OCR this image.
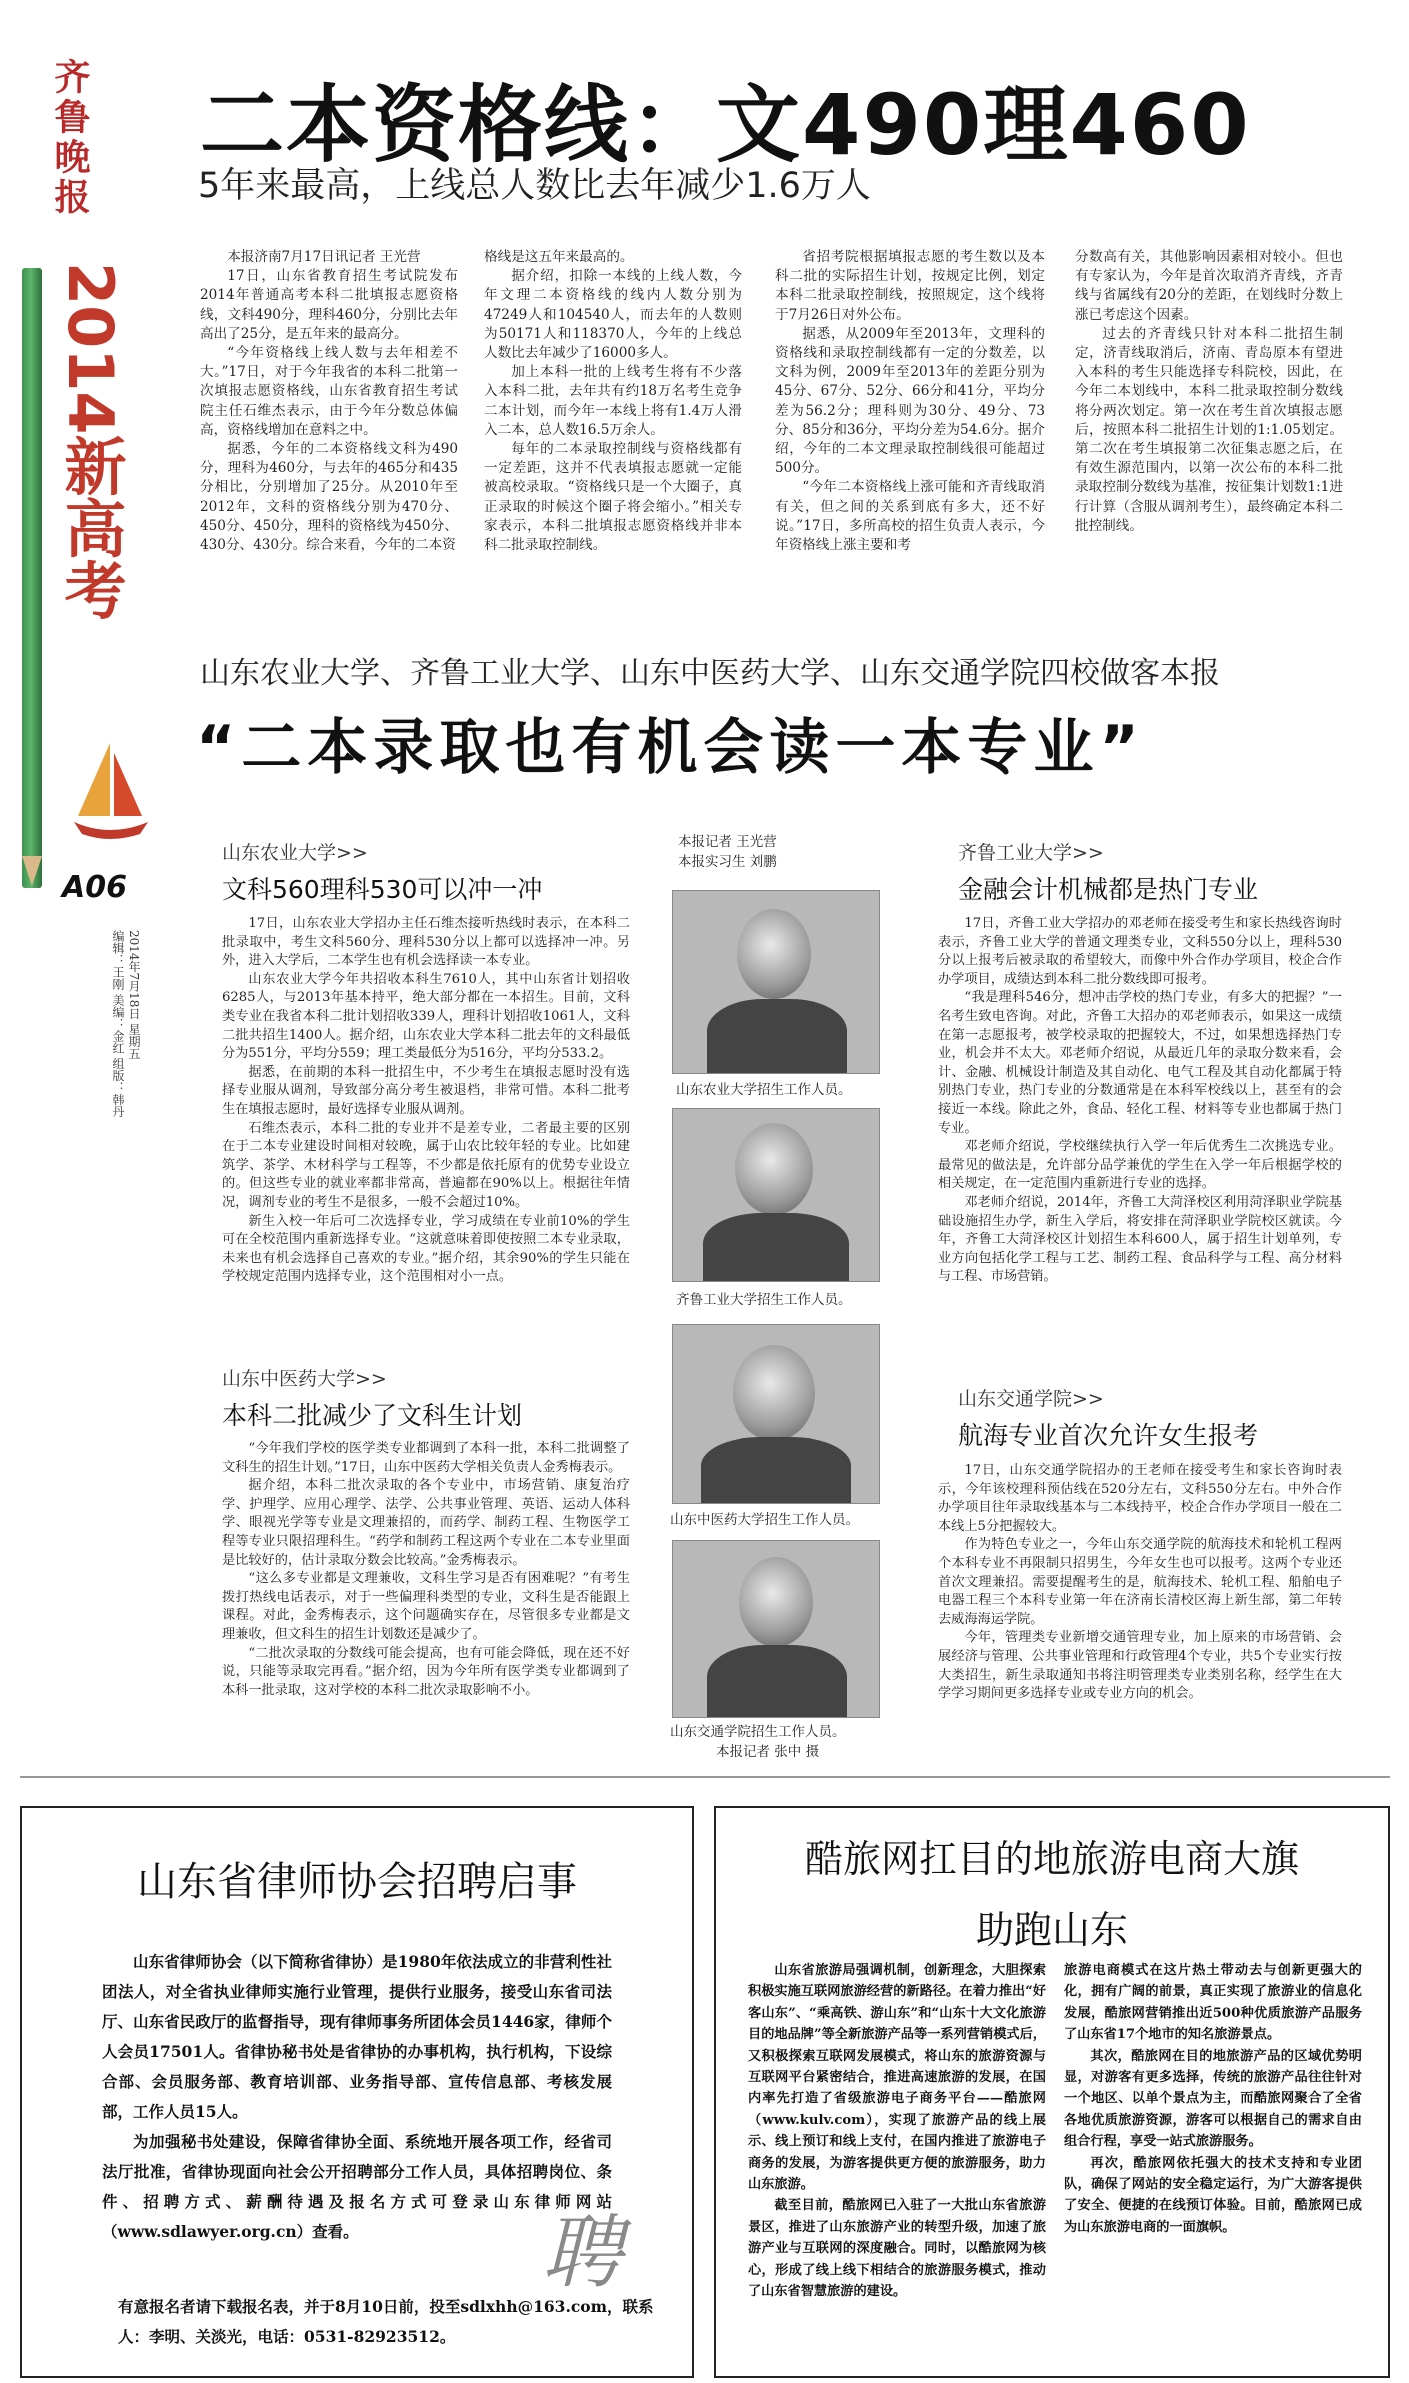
齐鲁晚报
2014新高考
A06
2014年7月18日 星期五
编辑：王刚 美编：金红 组版：韩丹
二本资格线：文490理460
5年来最高，上线总人数比去年减少1.6万人

本报济南7月17日讯记者 王光营

17日，山东省教育招生考试院发布2014年普通高考本科二批填报志愿资格线，文科490分，理科460分，分别比去年高出了25分，是五年来的最高分。

“今年资格线上线人数与去年相差不大。”17日，对于今年我省的本科二批第一次填报志愿资格线，山东省教育招生考试院主任石维杰表示，由于今年分数总体偏高，资格线增加在意料之中。

据悉，今年的二本资格线文科为490分，理科为460分，与去年的465分和435分相比，分别增加了25分。从2010年至2012年，文科的资格线分别为470分、450分、450分，理科的资格线为450分、430分、430分。综合来看，今年的二本资

格线是这五年来最高的。

据介绍，扣除一本线的上线人数，今年文理二本资格线的线内人数分别为47249人和104540人，而去年的人数则为50171人和118370人，今年的上线总人数比去年减少了16000多人。

加上本科一批的上线考生将有不少落入本科二批，去年共有约18万名考生竞争二本计划，而今年一本线上将有1.4万人滑入二本，总人数16.5万余人。

每年的二本录取控制线与资格线都有一定差距，这并不代表填报志愿就一定能被高校录取。“资格线只是一个大圈子，真正录取的时候这个圈子将会缩小。”相关专家表示，本科二批填报志愿资格线并非本科二批录取控制线。

省招考院根据填报志愿的考生数以及本科二批的实际招生计划，按规定比例，划定本科二批录取控制线，按照规定，这个线将于7月26日对外公布。

据悉，从2009年至2013年，文理科的资格线和录取控制线都有一定的分数差，以文科为例，2009年至2013年的差距分别为45分、67分、52分、66分和41分，平均分差为56.2分；理科则为30分、49分、73分、85分和36分，平均分差为54.6分。据介绍，今年的二本文理录取控制线很可能超过500分。

“今年二本资格线上涨可能和齐青线取消有关，但之间的关系到底有多大，还不好说。”17日，多所高校的招生负责人表示，今年资格线上涨主要和考

分数高有关，其他影响因素相对较小。但也有专家认为，今年是首次取消齐青线，齐青线与省属线有20分的差距，在划线时分数上涨已考虑这个因素。

过去的齐青线只针对本科二批招生制定，济青线取消后，济南、青岛原本有望进入本科的考生只能选择专科院校，因此，在今年二本划线中，本科二批录取控制分数线将分两次划定。第一次在考生首次填报志愿后，按照本科二批招生计划的1:1.05划定。第二次在考生填报第二次征集志愿之后，在有效生源范围内，以第一次公布的本科二批录取控制分数线为基准，按征集计划数1:1进行计算（含服从调剂考生），最终确定本科二批控制线。

山东农业大学、齐鲁工业大学、山东中医药大学、山东交通学院四校做客本报
“二本录取也有机会读一本专业”
山东农业大学>>
文科560理科530可以冲一冲

17日，山东农业大学招办主任石维杰接听热线时表示，在本科二批录取中，考生文科560分、理科530分以上都可以选择冲一冲。另外，进入大学后，二本学生也有机会选择读一本专业。

山东农业大学今年共招收本科生7610人，其中山东省计划招收6285人，与2013年基本持平，绝大部分都在一本招生。目前，文科类专业在我省本科二批计划招收339人，理科计划招收1061人，文科二批共招生1400人。据介绍，山东农业大学本科二批去年的文科最低分为551分，平均分559；理工类最低分为516分，平均分533.2。

据悉，在前期的本科一批招生中，不少考生在填报志愿时没有选择专业服从调剂，导致部分高分考生被退档，非常可惜。本科二批考生在填报志愿时，最好选择专业服从调剂。

石维杰表示，本科二批的专业并不是差专业，二者最主要的区别在于二本专业建设时间相对较晚，属于山农比较年轻的专业。比如建筑学、茶学、木材科学与工程等，不少都是依托原有的优势专业设立的。但这些专业的就业率都非常高，普遍都在90%以上。根据往年情况，调剂专业的考生不是很多，一般不会超过10%。

新生入校一年后可二次选择专业，学习成绩在专业前10%的学生可在全校范围内重新选择专业。“这就意味着即使按照二本专业录取，未来也有机会选择自己喜欢的专业。”据介绍，其余90%的学生只能在学校规定范围内选择专业，这个范围相对小一点。

山东中医药大学>>
本科二批减少了文科生计划

“今年我们学校的医学类专业都调到了本科一批，本科二批调整了文科生的招生计划。”17日，山东中医药大学相关负责人金秀梅表示。

据介绍，本科二批次录取的各个专业中，市场营销、康复治疗学、护理学、应用心理学、法学、公共事业管理、英语、运动人体科学、眼视光学等专业是文理兼招的，而药学、制药工程、生物医学工程等专业只限招理科生。“药学和制药工程这两个专业在二本专业里面是比较好的，估计录取分数会比较高。”金秀梅表示。

“这么多专业都是文理兼收，文科生学习是否有困难呢？”有考生拨打热线电话表示，对于一些偏理科类型的专业，文科生是否能跟上课程。对此，金秀梅表示，这个问题确实存在，尽管很多专业都是文理兼收，但文科生的招生计划数还是减少了。

“二批次录取的分数线可能会提高，也有可能会降低，现在还不好说，只能等录取完再看。”据介绍，因为今年所有医学类专业都调到了本科一批录取，这对学校的本科二批次录取影响不小。

本报记者 王光营
本报实习生 刘鹏
山东农业大学招生工作人员。
齐鲁工业大学招生工作人员。
山东中医药大学招生工作人员。
山东交通学院招生工作人员。
本报记者 张中 摄
齐鲁工业大学>>
金融会计机械都是热门专业

17日，齐鲁工业大学招办的邓老师在接受考生和家长热线咨询时表示，齐鲁工业大学的普通文理类专业，文科550分以上，理科530分以上报考后被录取的希望较大，而像中外合作办学项目，校企合作办学项目，成绩达到本科二批分数线即可报考。

“我是理科546分，想冲击学校的热门专业，有多大的把握？”一名考生致电咨询。对此，齐鲁工大招办的邓老师表示，如果这一成绩在第一志愿报考，被学校录取的把握较大，不过，如果想选择热门专业，机会并不太大。邓老师介绍说，从最近几年的录取分数来看，会计、金融、机械设计制造及其自动化、电气工程及其自动化都属于特别热门专业，热门专业的分数通常是在本科军校线以上，甚至有的会接近一本线。除此之外，食品、轻化工程、材料等专业也都属于热门专业。

邓老师介绍说，学校继续执行入学一年后优秀生二次挑选专业。最常见的做法是，允许部分品学兼优的学生在入学一年后根据学校的相关规定，在一定范围内重新进行专业的选择。

邓老师介绍说，2014年，齐鲁工大菏泽校区利用菏泽职业学院基础设施招生办学，新生入学后，将安排在菏泽职业学院校区就读。今年，齐鲁工大菏泽校区计划招生本科600人，属于招生计划单列，专业方向包括化学工程与工艺、制药工程、食品科学与工程、高分材料与工程、市场营销。

山东交通学院>>
航海专业首次允许女生报考

17日，山东交通学院招办的王老师在接受考生和家长咨询时表示，今年该校理科预估线在520分左右，文科550分左右。中外合作办学项目往年录取线基本与二本线持平，校企合作办学项目一般在二本线上5分把握较大。

作为特色专业之一，今年山东交通学院的航海技术和轮机工程两个本科专业不再限制只招男生，今年女生也可以报考。这两个专业还首次文理兼招。需要提醒考生的是，航海技术、轮机工程、船舶电子电器工程三个本科专业第一年在济南长清校区海上新生部，第二年转去威海海运学院。

今年，管理类专业新增交通管理专业，加上原来的市场营销、会展经济与管理、公共事业管理和行政管理4个专业，共5个专业实行按大类招生，新生录取通知书将注明管理类专业类别名称，经学生在大学学习期间更多选择专业或专业方向的机会。

山东省律师协会招聘启事

山东省律师协会（以下简称省律协）是1980年依法成立的非营利性社团法人，对全省执业律师实施行业管理，提供行业服务，接受山东省司法厅、山东省民政厅的监督指导，现有律师事务所团体会员1446家，律师个人会员17501人。省律协秘书处是省律协的办事机构，执行机构，下设综合部、会员服务部、教育培训部、业务指导部、宣传信息部、考核发展部，工作人员15人。

为加强秘书处建设，保障省律协全面、系统地开展各项工作，经省司法厅批准，省律协现面向社会公开招聘部分工作人员，具体招聘岗位、条件、招聘方式、薪酬待遇及报名方式可登录山东律师网站（www.sdlawyer.org.cn）查看。	聘
有意报名者请下载报名表，并于8月10日前，投至sdlxhh@163.com，联系人：李明、关淡光，电话：0531-82923512。
酷旅网扛目的地旅游电商大旗
助跑山东

山东省旅游局强调机制，创新理念，大胆探索积极实施互联网旅游经营的新路径。在着力推出“好客山东”、“乘高铁、游山东”和“山东十大文化旅游目的地品牌”等全新旅游产品等一系列营销模式后，又积极探索互联网发展模式，将山东的旅游资源与互联网平台紧密结合，推进高速旅游的发展，在国内率先打造了省级旅游电子商务平台——酷旅网（www.kulv.com），实现了旅游产品的线上展示、线上预订和线上支付，在国内推进了旅游电子商务的发展，为游客提供更方便的旅游服务，助力山东旅游。

截至目前，酷旅网已入驻了一大批山东省旅游景区，推进了山东旅游产业的转型升级，加速了旅游产业与互联网的深度融合。同时，以酷旅网为核心，形成了线上线下相结合的旅游服务模式，推动了山东省智慧旅游的建设。

旅游电商模式在这片热土带动去与创新更强大的化，拥有广阔的前景，真正实现了旅游业的信息化发展，酷旅网营销推出近500种优质旅游产品服务了山东省17个地市的知名旅游景点。

其次，酷旅网在目的地旅游产品的区域优势明显，对游客有更多选择，传统的旅游产品往往针对一个地区、以单个景点为主，而酷旅网聚合了全省各地优质旅游资源，游客可以根据自己的需求自由组合行程，享受一站式旅游服务。

再次，酷旅网依托强大的技术支持和专业团队，确保了网站的安全稳定运行，为广大游客提供了安全、便捷的在线预订体验。目前，酷旅网已成为山东旅游电商的一面旗帜。
